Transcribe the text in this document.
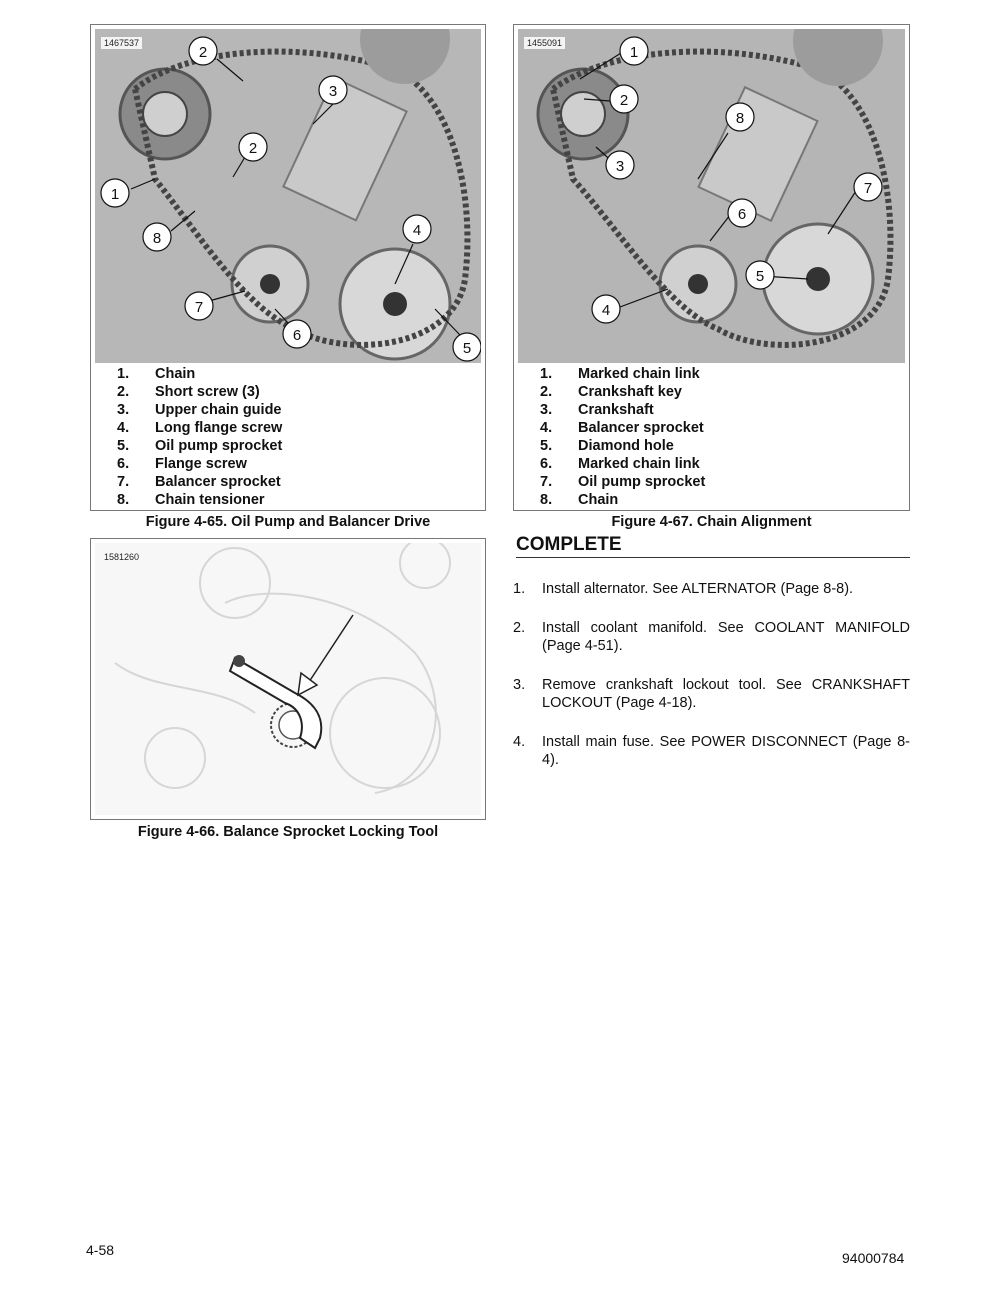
1467537
2
3
2
1
8	4
7
6
5
1.	Chain
2.	Short screw (3)
3.	Upper chain guide
4.	Long flange screw
5.	Oil pump sprocket
6.	Flange screw
7.	Balancer sprocket
8.	Chain tensioner
Figure 4-65. Oil Pump and Balancer Drive
1581260
Figure 4-66. Balance Sprocket Locking Tool
1455091
1
2
8
3
7
6
5
4
1.	Marked chain link
2.	Crankshaft key
3.	Crankshaft
4.	Balancer sprocket
5.	Diamond hole
6.	Marked chain link
7.	Oil pump sprocket
8.	Chain
Figure 4-67. Chain Alignment
COMPLETE
1.	Install alternator. See ALTERNATOR (Page 8-8).
2.	Install coolant manifold. See COOLANT MANIFOLD (Page 4-51).
3.	Remove crankshaft lockout tool. See CRANKSHAFT LOCKOUT (Page 4-18).
4.	Install main fuse. See POWER DISCONNECT (Page 8-4).
4-58	94000784
